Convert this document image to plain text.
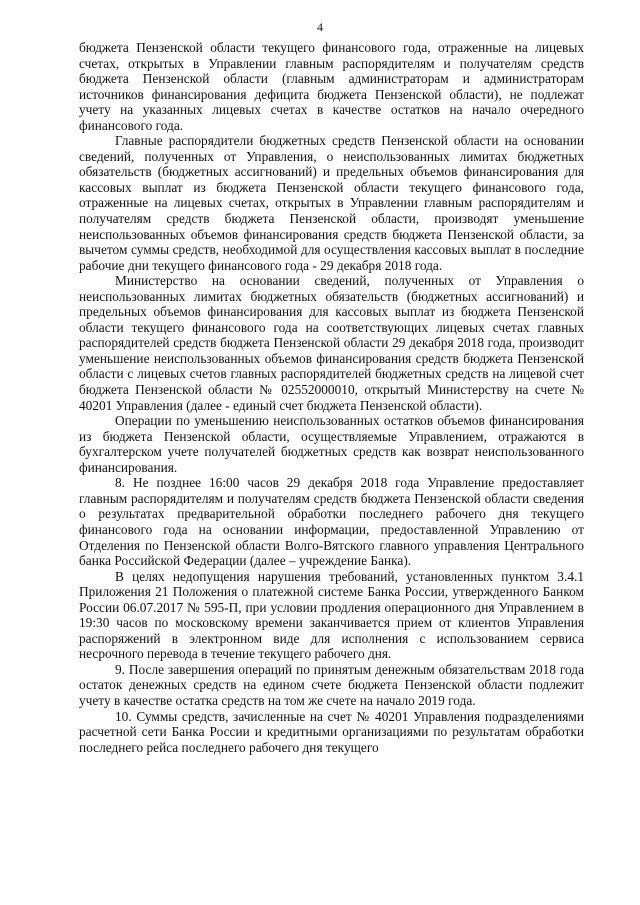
4

бюджета Пензенской области текущего финансового года, отраженные на лицевых счетах, открытых в Управлении главным распорядителям и получателям средств бюджета Пензенской области (главным администраторам и администраторам источников финансирования дефицита бюджета Пензенской области), не подлежат учету на указанных лицевых счетах в качестве остатков на начало очередного финансового года.

Главные распорядители бюджетных средств Пензенской области на основании сведений, полученных от Управления, о неиспользованных лимитах бюджетных обязательств (бюджетных ассигнований) и предельных объемов финансирования для кассовых выплат из бюджета Пензенской области текущего финансового года, отраженные на лицевых счетах, открытых в Управлении главным распорядителям и получателям средств бюджета Пензенской области, производят уменьшение неиспользованных объемов финансирования средств бюджета Пензенской области, за вычетом суммы средств, необходимой для осуществления кассовых выплат в последние рабочие дни текущего финансового года - 29 декабря 2018 года.

Министерство на основании сведений, полученных от Управления о неиспользованных лимитах бюджетных обязательств (бюджетных ассигнований) и предельных объемов финансирования для кассовых выплат из бюджета Пензенской области текущего финансового года на соответствующих лицевых счетах главных распорядителей средств бюджета Пензенской области 29 декабря 2018 года, производит уменьшение неиспользованных объемов финансирования средств бюджета Пензенской области с лицевых счетов главных распорядителей бюджетных средств на лицевой счет бюджета Пензенской области № 02552000010, открытый Министерству на счете № 40201 Управления (далее - единый счет бюджета Пензенской области).

Операции по уменьшению неиспользованных остатков объемов финансирования из бюджета Пензенской области, осуществляемые Управлением, отражаются в бухгалтерском учете получателей бюджетных средств как возврат неиспользованного финансирования.

8. Не позднее 16:00 часов 29 декабря 2018 года Управление предоставляет главным распорядителям и получателям средств бюджета Пензенской области сведения о результатах предварительной обработки последнего рабочего дня текущего финансового года на основании информации, предоставленной Управлению от Отделения по Пензенской области Волго-Вятского главного управления Центрального банка Российской Федерации (далее – учреждение Банка).

В целях недопущения нарушения требований, установленных пунктом 3.4.1 Приложения 21 Положения о платежной системе Банка России, утвержденного Банком России 06.07.2017 № 595-П, при условии продления операционного дня Управлением в 19:30 часов по московскому времени заканчивается прием от клиентов Управления распоряжений в электронном виде для исполнения с использованием сервиса несрочного перевода в течение текущего рабочего дня.

9. После завершения операций по принятым денежным обязательствам 2018 года остаток денежных средств на едином счете бюджета Пензенской области подлежит учету в качестве остатка средств на том же счете на начало 2019 года.

10. Суммы средств, зачисленные на счет № 40201 Управления подразделениями расчетной сети Банка России и кредитными организациями по результатам обработки последнего рейса последнего рабочего дня текущего
